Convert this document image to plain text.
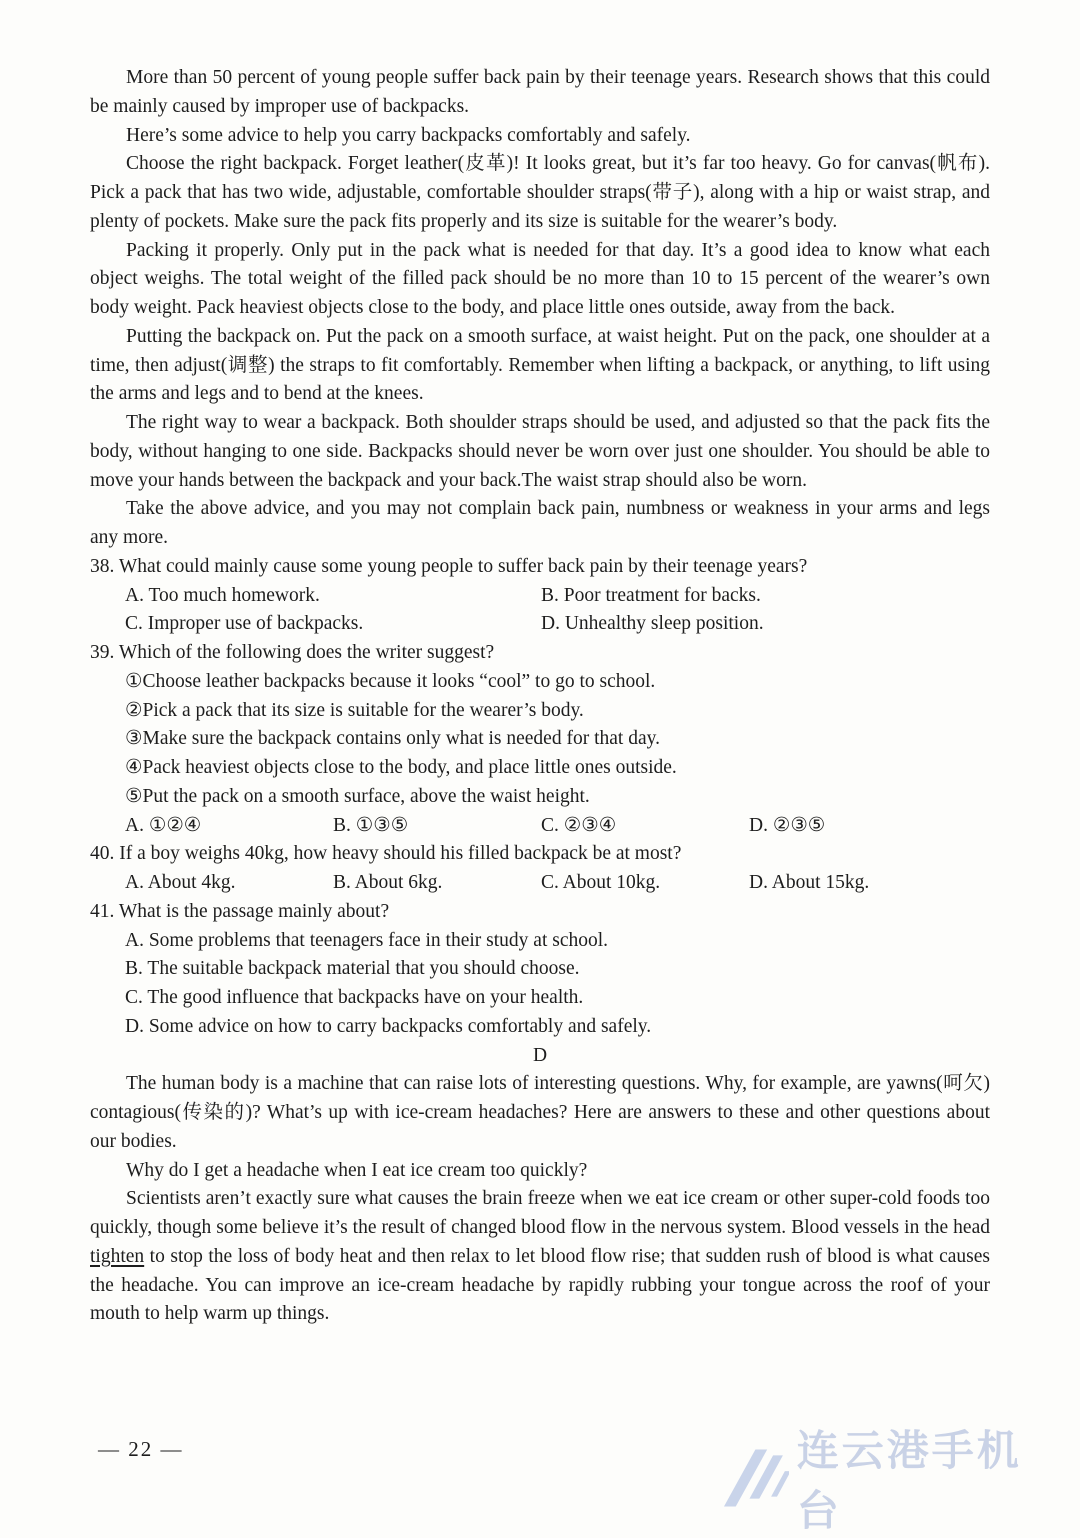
More than 50 percent of young people suffer back pain by their teenage years. Research shows that this could be mainly caused by improper use of backpacks.

Here’s some advice to help you carry backpacks comfortably and safely.

Choose the right backpack. Forget leather(皮革)! It looks great, but it’s far too heavy. Go for canvas(帆布). Pick a pack that has two wide, adjustable, comfortable shoulder straps(带子), along with a hip or waist strap, and plenty of pockets. Make sure the pack fits properly and its size is suitable for the wearer’s body.

Packing it properly. Only put in the pack what is needed for that day. It’s a good idea to know what each object weighs. The total weight of the filled pack should be no more than 10 to 15 percent of the wearer’s own body weight. Pack heaviest objects close to the body, and place little ones outside, away from the back.

Putting the backpack on. Put the pack on a smooth surface, at waist height. Put on the pack, one shoulder at a time, then adjust(调整) the straps to fit comfortably. Remember when lifting a backpack, or anything, to lift using the arms and legs and to bend at the knees.

The right way to wear a backpack. Both shoulder straps should be used, and adjusted so that the pack fits the body, without hanging to one side. Backpacks should never be worn over just one shoulder. You should be able to move your hands between the backpack and your back.The waist strap should also be worn.

Take the above advice, and you may not complain back pain, numbness or weakness in your arms and legs any more.

38. What could mainly cause some young people to suffer back pain by their teenage years?

A. Too much homework.	B. Poor treatment for backs.
C. Improper use of backpacks.	D. Unhealthy sleep position.

39. Which of the following does the writer suggest?

①Choose leather backpacks because it looks “cool” to go to school.
②Pick a pack that its size is suitable for the wearer’s body.
③Make sure the backpack contains only what is needed for that day.
④Pack heaviest objects close to the body, and place little ones outside.
⑤Put the pack on a smooth surface, above the waist height.
A. ①②④	B. ①③⑤	C. ②③④	D. ②③⑤

40. If a boy weighs 40kg, how heavy should his filled backpack be at most?

A. About 4kg.	B. About 6kg.	C. About 10kg.	D. About 15kg.

41. What is the passage mainly about?

A. Some problems that teenagers face in their study at school.
B. The suitable backpack material that you should choose.
C. The good influence that backpacks have on your health.
D. Some advice on how to carry backpacks comfortably and safely.

D

The human body is a machine that can raise lots of interesting questions. Why, for example, are yawns(呵欠) contagious(传染的)? What’s up with ice-cream headaches? Here are answers to these and other questions about our bodies.

Why do I get a headache when I eat ice cream too quickly?

Scientists aren’t exactly sure what causes the brain freeze when we eat ice cream or other super-cold foods too quickly, though some believe it’s the result of changed blood flow in the nervous system. Blood vessels in the head tighten to stop the loss of body heat and then relax to let blood flow rise; that sudden rush of blood is what causes the headache. You can improve an ice-cream headache by rapidly rubbing your tongue across the roof of your mouth to help warm up things.

— 22 —	连云港手机台
